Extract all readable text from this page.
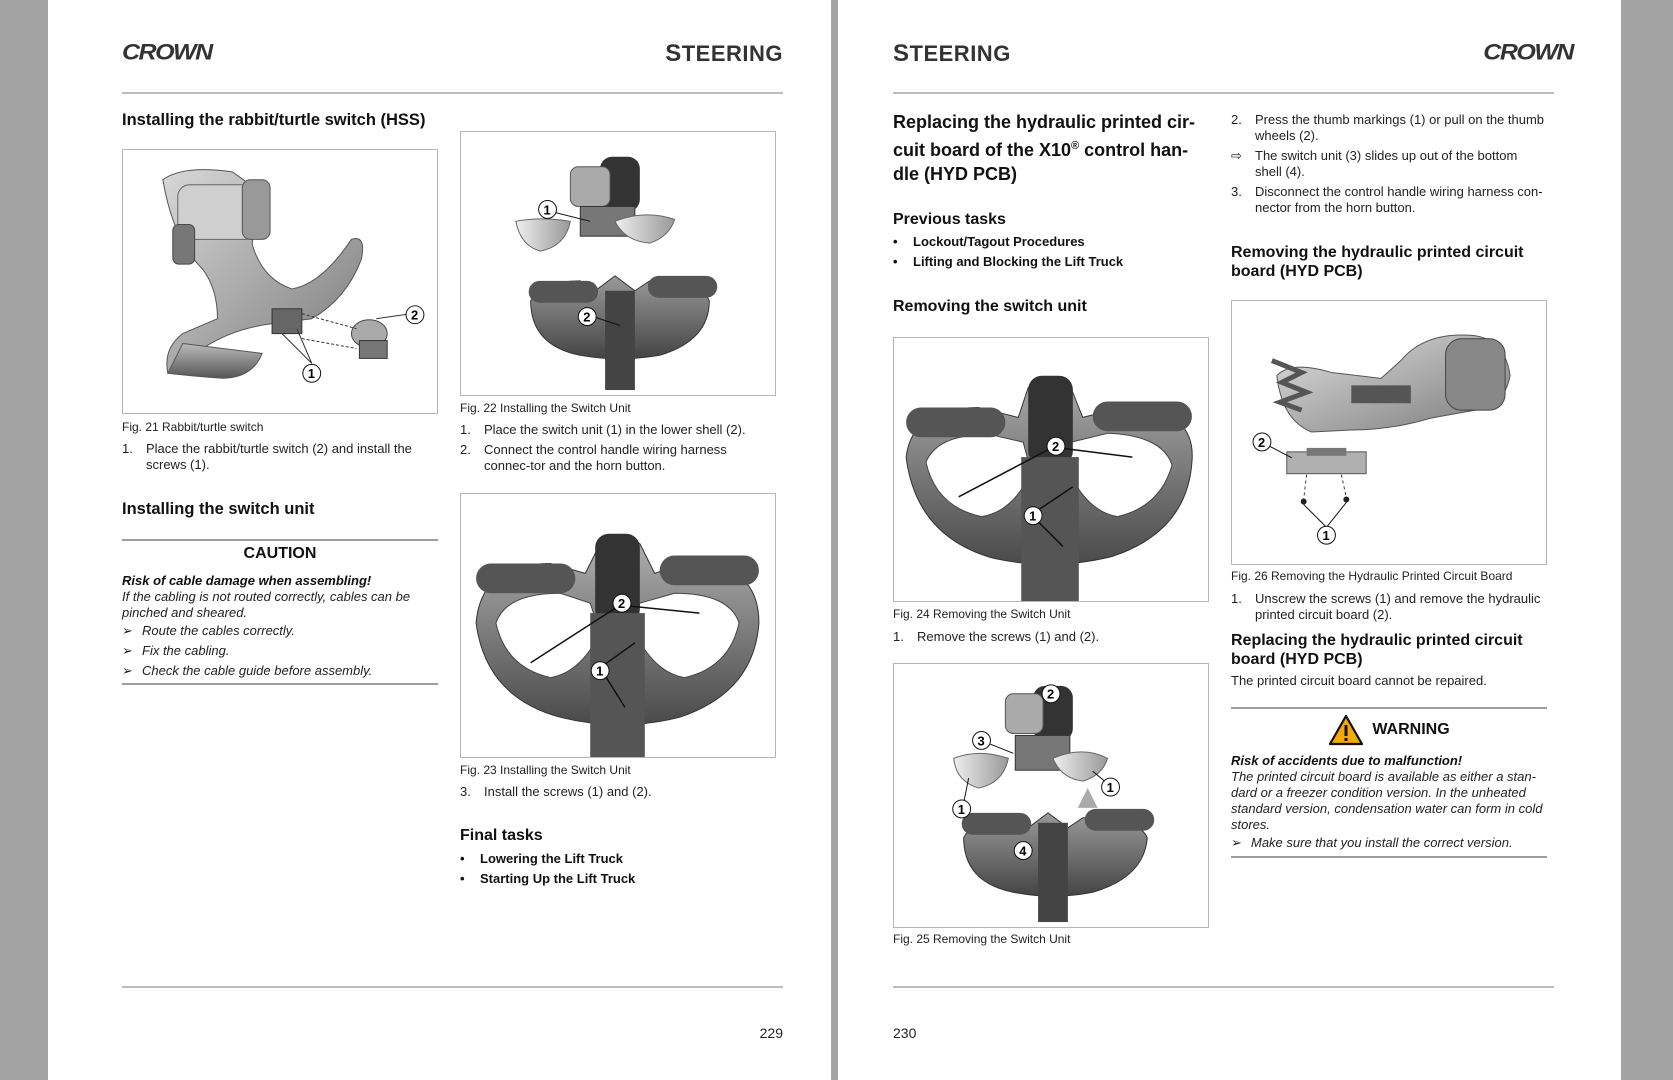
CROWN	STEERING
Installing the rabbit/turtle switch (HSS)
1
2
Fig. 21 Rabbit/turtle switch
1.	Place the rabbit/turtle switch (2) and install the screws (1).
Installing the switch unit
CAUTION
Risk of cable damage when assembling!
If the cabling is not routed correctly, cables can be pinched and sheared.
➢ Route the cables correctly.
➢ Fix the cabling.
➢ Check the cable guide before assembly.
1
2
Fig. 22 Installing the Switch Unit
1.	Place the switch unit (1) in the lower shell (2).
2.	Connect the control handle wiring harness connec-tor and the horn button.
2
1
Fig. 23 Installing the Switch Unit
3.	Install the screws (1) and (2).
Final tasks
•	Lowering the Lift Truck
•	Starting Up the Lift Truck
229
STEERING	CROWN
Replacing the hydraulic printed cir-
cuit board of the X10® control han-
dle (HYD PCB)
Previous tasks
•	Lockout/Tagout Procedures
•	Lifting and Blocking the Lift Truck
Removing the switch unit
2
1
Fig. 24 Removing the Switch Unit
1.	Remove the screws (1) and (2).
2
3
1
1
4
Fig. 25 Removing the Switch Unit
2.	Press the thumb markings (1) or pull on the thumb wheels (2).
⇨	The switch unit (3) slides up out of the bottom shell (4).
3.	Disconnect the control handle wiring harness con-nector from the horn button.
Removing the hydraulic printed circuit board (HYD PCB)
2
1
Fig. 26 Removing the Hydraulic Printed Circuit Board
1.	Unscrew the screws (1) and remove the hydraulic printed circuit board (2).
Replacing the hydraulic printed circuit board (HYD PCB)
The printed circuit board cannot be repaired.
WARNING
Risk of accidents due to malfunction!
The printed circuit board is available as either a stan-dard or a freezer condition version. In the unheated standard version, condensation water can form in cold stores.
➢ Make sure that you install the correct version.
230
